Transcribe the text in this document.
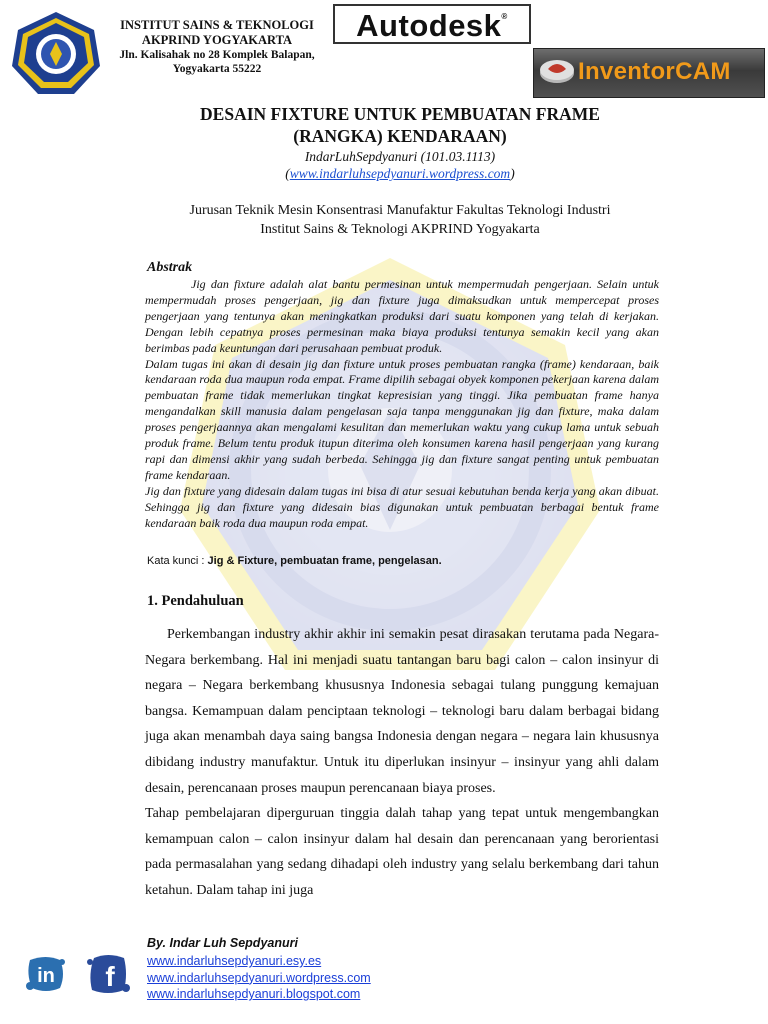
INSTITUT SAINS & TEKNOLOGI
AKPRIND YOGYAKARTA
Jln. Kalisahak no 28 Komplek Balapan,
Yogyakarta 55222
Autodesk®
InventorCAM
DESAIN FIXTURE UNTUK PEMBUATAN FRAME
(RANGKA) KENDARAAN)
IndarLuhSepdyanuri (101.03.1113)
(www.indarluhsepdyanuri.wordpress.com)
Jurusan Teknik Mesin Konsentrasi Manufaktur Fakultas Teknologi Industri
Institut Sains & Teknologi AKPRIND Yogyakarta
Abstrak

Jig dan fixture adalah alat bantu permesinan untuk mempermudah pengerjaan. Selain untuk mempermudah proses pengerjaan, jig dan fixture juga dimaksudkan untuk mempercepat proses pengerjaan yang tentunya akan meningkatkan produksi dari suatu komponen yang telah di kerjakan. Dengan lebih cepatnya proses permesinan maka biaya produksi tentunya semakin kecil yang akan berimbas pada keuntungan dari perusahaan pembuat produk.

Dalam tugas ini akan di desain jig dan fixture untuk proses pembuatan rangka (frame) kendaraan, baik kendaraan roda dua maupun roda empat. Frame dipilih sebagai obyek komponen pekerjaan karena dalam pembuatan frame tidak memerlukan tingkat kepresisian yang tinggi. Jika pembuatan frame hanya mengandalkan skill manusia dalam pengelasan saja tanpa menggunakan jig dan fixture, maka dalam proses pengerjaannya akan mengalami kesulitan dan memerlukan waktu yang cukup lama untuk sebuah produk frame. Belum tentu produk itupun diterima oleh konsumen karena hasil pengerjaan yang kurang rapi dan dimensi akhir yang sudah berbeda. Sehingga jig dan fixture sangat penting untuk pembuatan frame kendaraan.

Jig dan fixture yang didesain dalam tugas ini bisa di atur sesuai kebutuhan benda kerja yang akan dibuat. Sehingga jig dan fixture yang didesain bias digunakan untuk pembuatan berbagai bentuk frame kendaraan baik roda dua maupun roda empat.

Kata kunci : Jig & Fixture, pembuatan frame, pengelasan.
1. Pendahuluan

Perkembangan industry akhir akhir ini semakin pesat dirasakan terutama pada Negara-Negara berkembang. Hal ini menjadi suatu tantangan baru bagi calon – calon insinyur di negara – Negara berkembang khususnya Indonesia sebagai tulang punggung kemajuan bangsa. Kemampuan dalam penciptaan teknologi – teknologi baru dalam berbagai bidang juga akan menambah daya saing bangsa Indonesia dengan negara – negara lain khususnya dibidang industry manufaktur. Untuk itu diperlukan insinyur – insinyur yang ahli dalam desain, perencanaan proses maupun perencanaan biaya proses.

Tahap pembelajaran diperguruan tinggia dalah tahap yang tepat untuk mengembangkan kemampuan calon – calon insinyur dalam hal desain dan perencanaan yang berorientasi pada permasalahan yang sedang dihadapi oleh industry yang selalu berkembang dari tahun ketahun. Dalam tahap ini juga

in f
By. Indar Luh Sepdyanuri
www.indarluhsepdyanuri.esy.es
www.indarluhsepdyanuri.wordpress.com
www.indarluhsepdyanuri.blogspot.com
